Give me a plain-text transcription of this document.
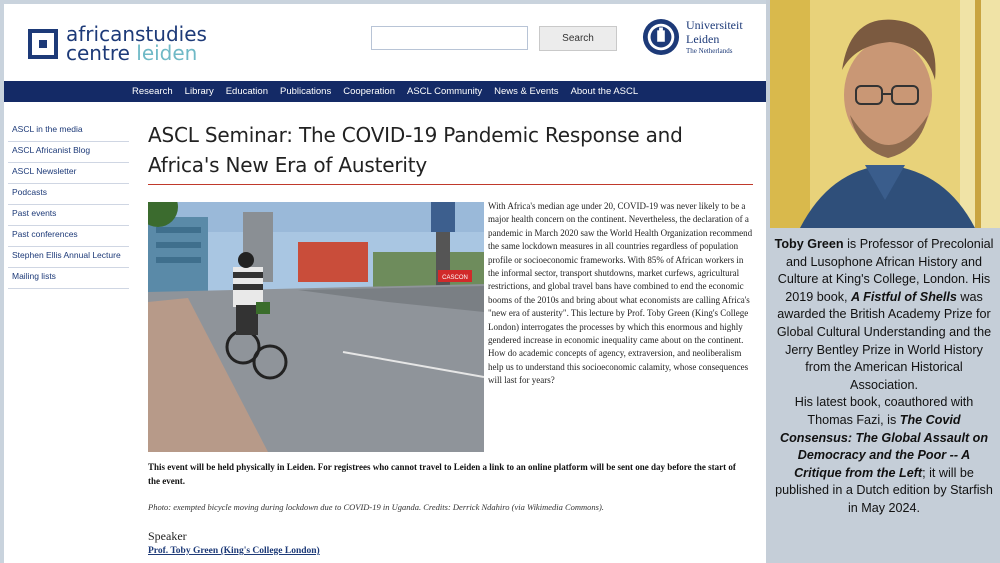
africanstudies
centre leiden
Search
Universiteit
Leiden
The Netherlands
Research Library Education Publications Cooperation ASCL Community News & Events About the ASCL
ASCL in the media
ASCL Africanist Blog
ASCL Newsletter
Podcasts
Past events
Past conferences
Stephen Ellis Annual Lecture
Mailing lists
ASCL Seminar: The COVID-19 Pandemic Response and Africa's New Era of Austerity
CASCON
With Africa's median age under 20, COVID-19 was never likely to be a major health concern on the continent. Nevertheless, the declaration of a pandemic in March 2020 saw the World Health Organization recommend the same lockdown measures in all countries regardless of population profile or socioeconomic frameworks. With 85% of African workers in the informal sector, transport shutdowns, market curfews, agricultural restrictions, and global travel bans have combined to end the economic booms of the 2010s and bring about what economists are calling Africa's "new era of austerity". This lecture by Prof. Toby Green (King's College London) interrogates the processes by which this enormous and highly gendered increase in economic inequality came about on the continent. How do academic concepts of agency, extraversion, and neoliberalism help us to understand this socioeconomic calamity, whose consequences will last for years?
This event will be held physically in Leiden. For registrees who cannot travel to Leiden a link to an online platform will be sent one day before the start of the event.
Photo: exempted bicycle moving during lockdown due to COVID-19 in Uganda. Credits: Derrick Ndahiro (via Wikimedia Commons).
Speaker
Prof. Toby Green (King's College London)
Toby Green is Professor of Precolonial and Lusophone African History and Culture at King's College, London. His 2019 book, A Fistful of Shells was awarded the British Academy Prize for Global Cultural Understanding and the Jerry Bentley Prize in World History from the American Historical Association.
His latest book, coauthored with Thomas Fazi, is The Covid Consensus: The Global Assault on Democracy and the Poor -- A Critique from the Left; it will be published in a Dutch edition by Starfish in May 2024.
